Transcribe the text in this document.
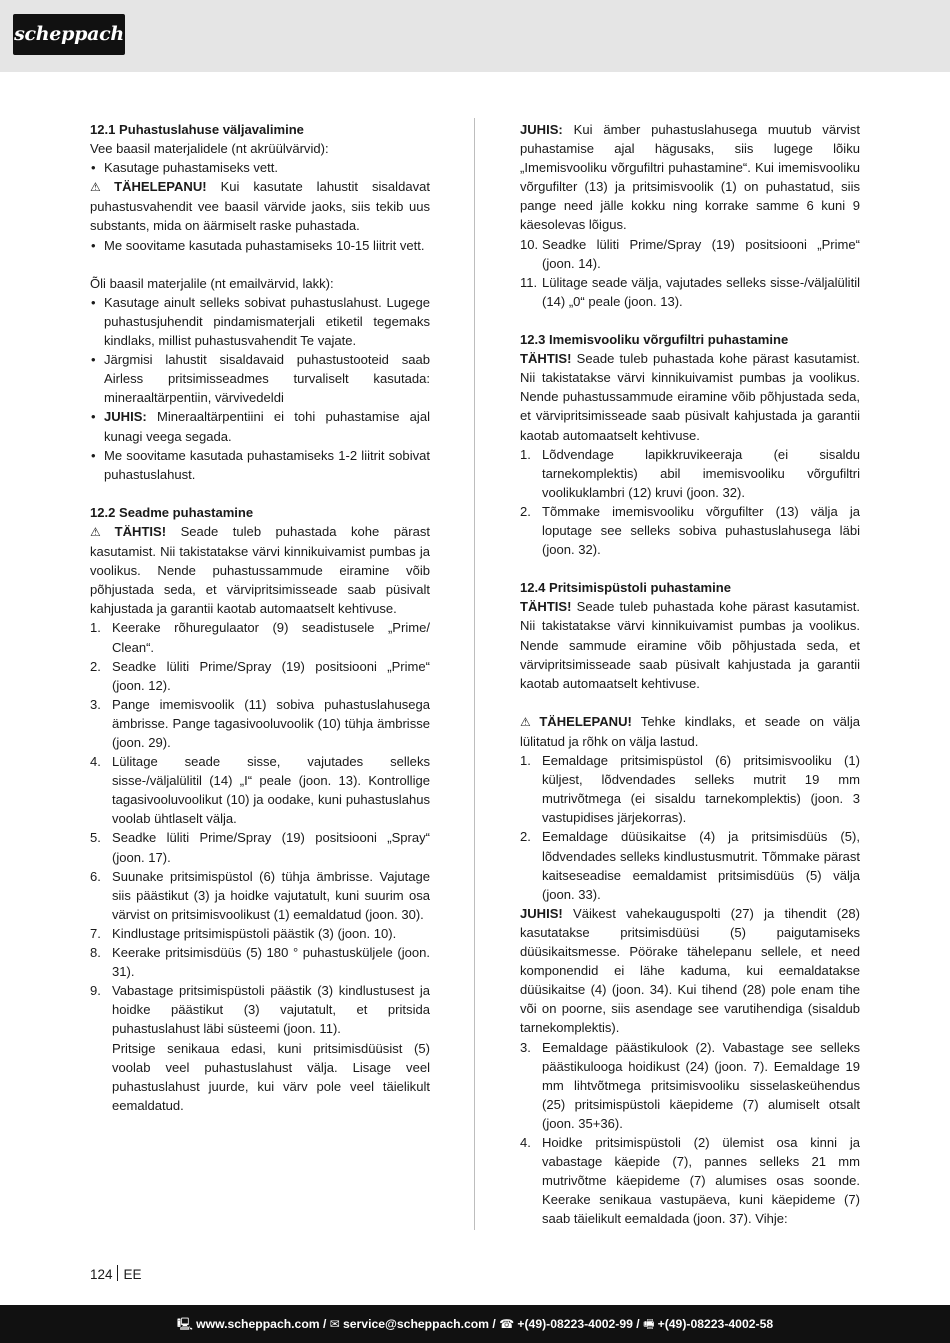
scheppach
12.1 Puhastuslahuse väljavalimine

Vee baasil materjalidele (nt akrüülvärvid):

• Kasutage puhastamiseks vett.

⚠ TÄHELEPANU! Kui kasutate lahustit sisaldavat puhastusvahendit vee baasil värvide jaoks, siis tekib uus substants, mida on äärmiselt raske puhastada.

• Me soovitame kasutada puhastamiseks 10-15 liitrit vett.

Õli baasil materjalile (nt emailvärvid, lakk):

• Kasutage ainult selleks sobivat puhastuslahust. Lugege puhastusjuhendit pindamismaterjali etiketil tegemaks kindlaks, millist puhastusvahendit Te vajate.
• Järgmisi lahustit sisaldavaid puhastustooteid saab Airless pritsimisseadmes turvaliselt kasutada: mineraaltärpentiin, värvivedeldi
• JUHIS: Mineraaltärpentiini ei tohi puhastamise ajal kunagi veega segada.
• Me soovitame kasutada puhastamiseks 1-2 liitrit sobivat puhastuslahust.
12.2 Seadme puhastamine

⚠ TÄHTIS! Seade tuleb puhastada kohe pärast kasutamist. Nii takistatakse värvi kinnikuivamist pumbas ja voolikus. Nende puhastussammude eiramine võib põhjustada seda, et värvipritsimisseade saab püsivalt kahjustada ja garantii kaotab automaatselt kehtivuse.

1. Keerake rõhuregulaator (9) seadistusele „Prime/ Clean“.
2. Seadke lüliti Prime/Spray (19) positsiooni „Prime“ (joon. 12).
3. Pange imemisvoolik (11) sobiva puhastuslahusega ämbrisse. Pange tagasivooluvoolik (10) tühja ämbrisse (joon. 29).
4. Lülitage seade sisse, vajutades selleks sisse-/väljalülitil (14) „I“ peale (joon. 13). Kontrollige tagasivooluvoolikut (10) ja oodake, kuni puhastuslahus voolab ühtlaselt välja.
5. Seadke lüliti Prime/Spray (19) positsiooni „Spray“ (joon. 17).
6. Suunake pritsimispüstol (6) tühja ämbrisse. Vajutage siis päästikut (3) ja hoidke vajutatult, kuni suurim osa värvist on pritsimisvoolikust (1) eemaldatud (joon. 30).
7. Kindlustage pritsimispüstoli päästik (3) (joon. 10).
8. Keerake pritsimisdüüs (5) 180 ° puhastusküljele (joon. 31).
9. Vabastage pritsimispüstoli päästik (3) kindlustusest ja hoidke päästikut (3) vajutatult, et pritsida puhastuslahust läbi süsteemi (joon. 11).

Pritsige senikaua edasi, kuni pritsimisdüüsist (5) voolab veel puhastuslahust välja. Lisage veel puhastuslahust juurde, kui värv pole veel täielikult eemaldatud.

JUHIS: Kui ämber puhastuslahusega muutub värvist puhastamise ajal hägusaks, siis lugege lõiku „Imemisvooliku võrgufiltri puhastamine“. Kui imemisvooliku võrgufilter (13) ja pritsimisvoolik (1) on puhastatud, siis pange need jälle kokku ning korrake samme 6 kuni 9 käesolevas lõigus.

10. Seadke lüliti Prime/Spray (19) positsiooni „Prime“ (joon. 14).
11. Lülitage seade välja, vajutades selleks sisse-/väljalülitil (14) „0“ peale (joon. 13).
12.3 Imemisvooliku võrgufiltri puhastamine

TÄHTIS! Seade tuleb puhastada kohe pärast kasutamist. Nii takistatakse värvi kinnikuivamist pumbas ja voolikus. Nende puhastussammude eiramine võib põhjustada seda, et värvipritsimisseade saab püsivalt kahjustada ja garantii kaotab automaatselt kehtivuse.

1. Lõdvendage lapikkruvikeeraja (ei sisaldu tarnekomplektis) abil imemisvooliku võrgufiltri voolikuklambri (12) kruvi (joon. 32).
2. Tõmmake imemisvooliku võrgufilter (13) välja ja loputage see selleks sobiva puhastuslahusega läbi (joon. 32).
12.4 Pritsimispüstoli puhastamine

TÄHTIS! Seade tuleb puhastada kohe pärast kasutamist. Nii takistatakse värvi kinnikuivamist pumbas ja voolikus. Nende sammude eiramine võib põhjustada seda, et värvipritsimisseade saab püsivalt kahjustada ja garantii kaotab automaatselt kehtivuse.

⚠ TÄHELEPANU! Tehke kindlaks, et seade on välja lülitatud ja rõhk on välja lastud.

1. Eemaldage pritsimispüstol (6) pritsimisvooliku (1) küljest, lõdvendades selleks mutrit 19 mm mutrivõtmega (ei sisaldu tarnekomplektis) (joon. 3 vastupidises järjekorras).
2. Eemaldage düüsikaitse (4) ja pritsimisdüüs (5), lõdvendades selleks kindlustusmutrit. Tõmmake pärast kaitseseadise eemaldamist pritsimisdüüs (5) välja (joon. 33).

JUHIS! Väikest vahekauguspolti (27) ja tihendit (28) kasutatakse pritsimisdüüsi (5) paigutamiseks düüsikaitsmesse. Pöörake tähelepanu sellele, et need komponendid ei lähe kaduma, kui eemaldatakse düüsikaitse (4) (joon. 34). Kui tihend (28) pole enam tihe või on poorne, siis asendage see varutihendiga (sisaldub tarnekomplektis).

3. Eemaldage päästikulook (2). Vabastage see selleks päästikulooga hoidikust (24) (joon. 7). Eemaldage 19 mm lihtvõtmega pritsimisvooliku sisselaskeühendus (25) pritsimispüstoli käepideme (7) alumiselt otsalt (joon. 35+36).
4. Hoidke pritsimispüstoli (2) ülemist osa kinni ja vabastage käepide (7), pannes selleks 21 mm mutrivõtme käepideme (7) alumises osas soonde. Keerake senikaua vastupäeva, kuni käepideme (7) saab täielikult eemaldada (joon. 37). Vihje:
124 EE
🖳 www.scheppach.com / ✉ service@scheppach.com / ☎ +(49)-08223-4002-99 / 🖷 +(49)-08223-4002-58
